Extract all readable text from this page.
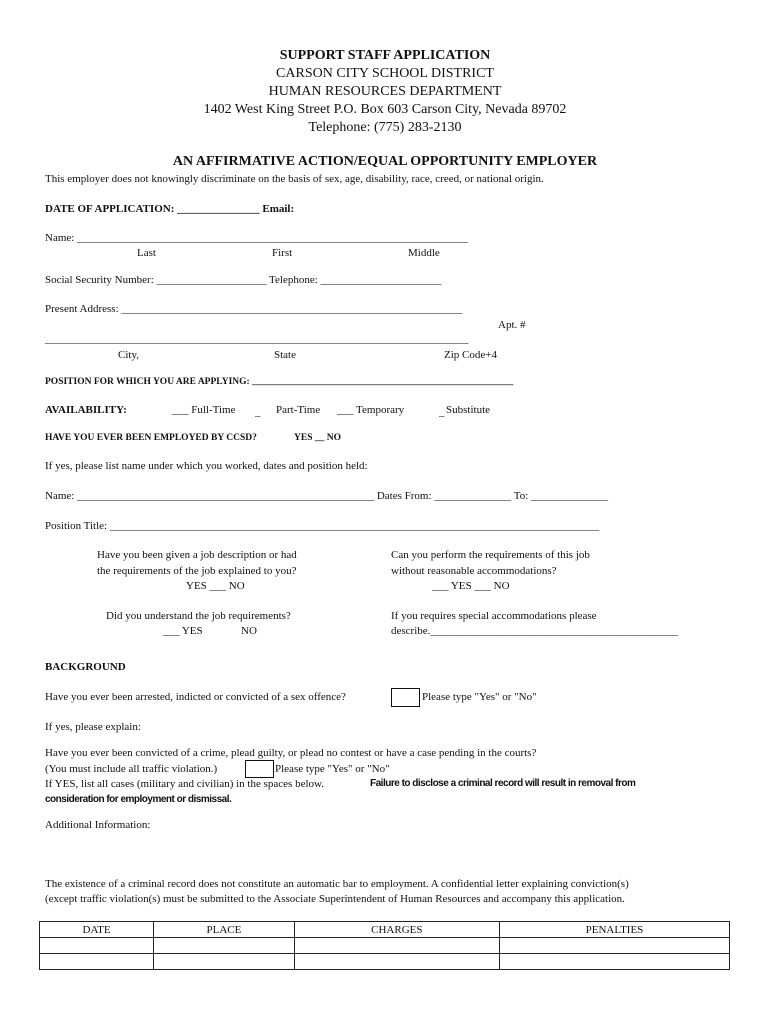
SUPPORT STAFF APPLICATION
CARSON CITY SCHOOL DISTRICT
HUMAN RESOURCES DEPARTMENT
1402 West King Street P.O. Box 603 Carson City, Nevada 89702
Telephone: (775) 283-2130
AN AFFIRMATIVE ACTION/EQUAL OPPORTUNITY EMPLOYER
This employer does not knowingly discriminate on the basis of sex, age, disability, race, creed, or national origin.
DATE OF APPLICATION: _______________ Email:
Name: _______________________________________________________________________
Last	First	Middle
Social Security Number: ____________________ Telephone: ______________________
Present Address: ______________________________________________________________
Apt. #
_____________________________________________________________________________
City,	State	Zip Code+4
POSITION FOR WHICH YOU ARE APPLYING: _______________________________________________________
AVAILABILITY:	___ Full-Time _ Part-Time ___ Temporary	_ Substitute
HAVE YOU EVER BEEN EMPLOYED BY CCSD?	YES __ NO
If yes, please list name under which you worked, dates and position held:
Name: ______________________________________________________ Dates From: ______________ To: ______________
Position Title: _________________________________________________________________________________________
Have you been given a job description or had
the requirements of the job explained to you?
YES ___ NO
Can you perform the requirements of this job
without reasonable accommodations?
___ YES ___ NO
Did you understand the job requirements?
___ YES	NO
If you requires special accommodations please
describe._____________________________________________
BACKGROUND
Have you ever been arrested, indicted or convicted of a sex offence?	Please type "Yes" or "No"
If yes, please explain:
Have you ever been convicted of a crime, plead guilty, or plead no contest or have a case pending in the courts?
(You must include all traffic violation.)	Please type "Yes" or "No"
If YES, list all cases (military and civilian) in the spaces below.	Failure to disclose a criminal record will result in removal from
consideration for employment or dismissal.
Additional Information:
The existence of a criminal record does not constitute an automatic bar to employment. A confidential letter explaining conviction(s)
(except traffic violation(s) must be submitted to the Associate Superintendent of Human Resources and accompany this application.
DATE	PLACE	CHARGES	PENALTIES
